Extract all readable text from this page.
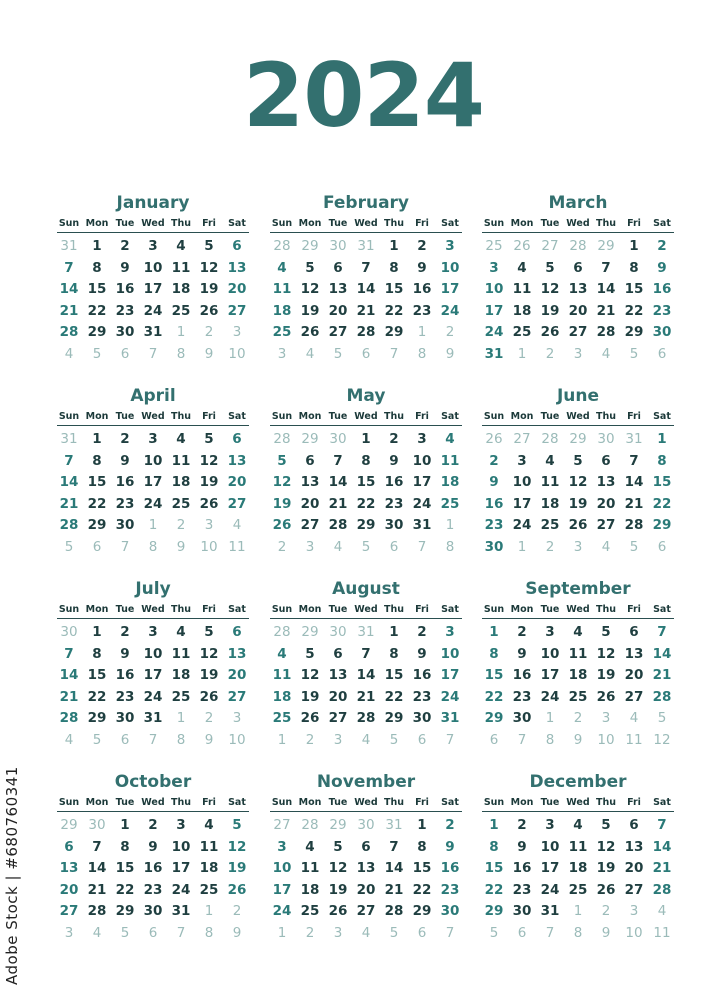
2024
January
Sun Mon Tue Wed Thu	Fri	Sat
31	1	2	3	4	5	6
7	8	9	10 11 12 13
14 15 16 17 18 19 20
21 22 23 24 25 26 27
28 29 30 31	1	2	3
4	5	6	7	8	9	10
February
Sun Mon Tue Wed Thu	Fri	Sat
28 29 30 31	1	2	3
4	5	6	7	8	9	10
11 12 13 14 15 16 17
18 19 20 21 22 23 24
25 26 27 28 29	1	2
3	4	5	6	7	8	9
March
Sun Mon Tue Wed Thu	Fri	Sat
25 26 27 28 29	1	2
3	4	5	6	7	8	9
10 11 12 13 14 15 16
17 18 19 20 21 22 23
24 25 26 27 28 29 30
31	1	2	3	4	5	6
April
Sun Mon Tue Wed Thu	Fri	Sat
31	1	2	3	4	5	6
7	8	9	10 11 12 13
14 15 16 17 18 19 20
21 22 23 24 25 26 27
28 29 30	1	2	3	4
5	6	7	8	9	10 11
May
Sun Mon Tue Wed Thu	Fri	Sat
28 29 30	1	2	3	4
5	6	7	8	9	10 11
12 13 14 15 16 17 18
19 20 21 22 23 24 25
26 27 28 29 30 31	1
2	3	4	5	6	7	8
June
Sun Mon Tue Wed Thu	Fri	Sat
26 27 28 29 30 31	1
2	3	4	5	6	7	8
9	10 11 12 13 14 15
16 17 18 19 20 21 22
23 24 25 26 27 28 29
30	1	2	3	4	5	6
July
Sun Mon Tue Wed Thu	Fri	Sat
30	1	2	3	4	5	6
7	8	9	10 11 12 13
14 15 16 17 18 19 20
21 22 23 24 25 26 27
28 29 30 31	1	2	3
4	5	6	7	8	9	10
August
Sun Mon Tue Wed Thu	Fri	Sat
28 29 30 31	1	2	3
4	5	6	7	8	9	10
11 12 13 14 15 16 17
18 19 20 21 22 23 24
25 26 27 28 29 30 31
1	2	3	4	5	6	7
September
Sun Mon Tue Wed Thu	Fri	Sat
1	2	3	4	5	6	7
8	9	10 11 12 13 14
15 16 17 18 19 20 21
22 23 24 25 26 27 28
29 30	1	2	3	4	5
6	7	8	9	10 11 12
October
Sun Mon Tue Wed Thu	Fri	Sat
29 30	1	2	3	4	5
6	7	8	9	10 11 12
13 14 15 16 17 18 19
20 21 22 23 24 25 26
27 28 29 30 31	1	2
3	4	5	6	7	8	9
November
Sun Mon Tue Wed Thu	Fri	Sat
27 28 29 30 31	1	2
3	4	5	6	7	8	9
10 11 12 13 14 15 16
17 18 19 20 21 22 23
24 25 26 27 28 29 30
1	2	3	4	5	6	7
December
Sun Mon Tue Wed Thu	Fri	Sat
1	2	3	4	5	6	7
8	9	10 11 12 13 14
15 16 17 18 19 20 21
22 23 24 25 26 27 28
29 30 31	1	2	3	4
5	6	7	8	9	10 11
Adobe Stock | #680760341
